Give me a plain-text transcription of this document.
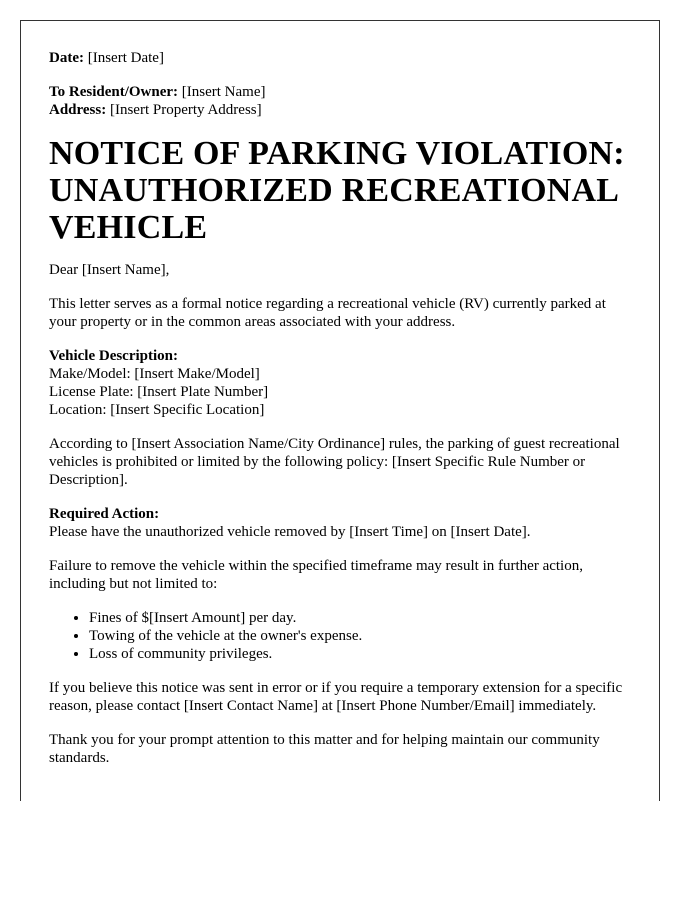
Date: [Insert Date]

To Resident/Owner: [Insert Name]

Address: [Insert Property Address]

NOTICE OF PARKING VIOLATION: UNAUTHORIZED RECREATIONAL VEHICLE

Dear [Insert Name],

This letter serves as a formal notice regarding a recreational vehicle (RV) currently parked at your property or in the common areas associated with your address.

Vehicle Description:

Make/Model: [Insert Make/Model]

License Plate: [Insert Plate Number]

Location: [Insert Specific Location]

According to [Insert Association Name/City Ordinance] rules, the parking of guest recreational vehicles is prohibited or limited by the following policy: [Insert Specific Rule Number or Description].

Required Action:

Please have the unauthorized vehicle removed by [Insert Time] on [Insert Date].

Failure to remove the vehicle within the specified timeframe may result in further action, including but not limited to:

• Fines of $[Insert Amount] per day.
• Towing of the vehicle at the owner's expense.
• Loss of community privileges.

If you believe this notice was sent in error or if you require a temporary extension for a specific reason, please contact [Insert Contact Name] at [Insert Phone Number/Email] immediately.

Thank you for your prompt attention to this matter and for helping maintain our community standards.
